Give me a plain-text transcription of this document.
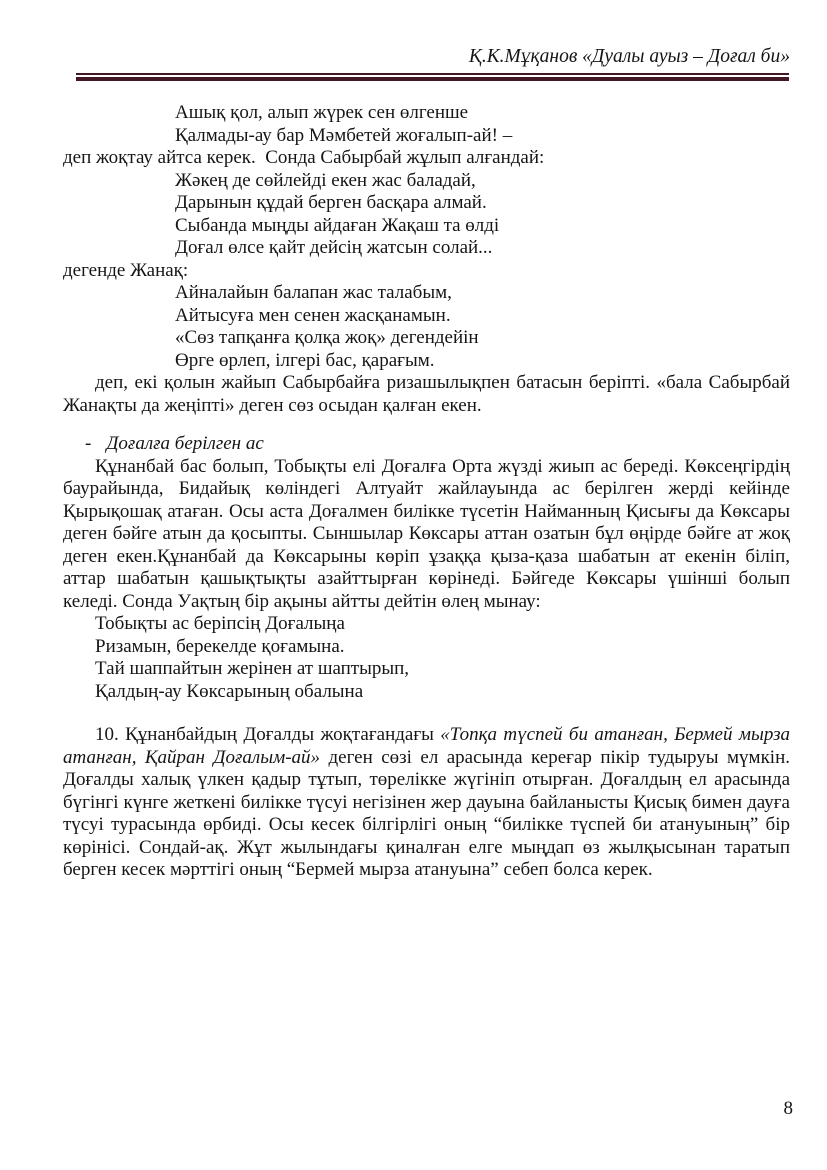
Қ.К.Мұқанов «Дуалы ауыз – Доғал би»
Ашық қол, алып жүрек сен өлгенше
Қалмады-ау бар Мәмбетей жоғалып-ай! –
деп жоқтау айтса керек.  Сонда Сабырбай жұлып алғандай:
Жәкең де сөйлейді екен жас баладай,
Дарынын құдай берген басқара алмай.
Сыбанда мыңды айдаған Жақаш та өлді
Доғал өлсе қайт дейсің жатсын солай...
дегенде Жанақ:
Айналайын балапан жас талабым,
Айтысуға мен сенен жасқанамын.
«Сөз тапқанға қолқа жоқ» дегендейін
Өрге өрлеп, ілгері бас, қарағым.

деп, екі қолын жайып Сабырбайға ризашылықпен батасын беріпті. «бала Сабырбай Жанақты да жеңіпті» деген сөз осыдан қалған екен.

- Доғалға берілген ас

Құнанбай бас болып, Тобықты елі Доғалға Орта жүзді жиып ас береді. Көксеңгірдің баурайында, Бидайық көліндегі Алтуайт жайлауында ас берілген жерді кейінде Қырықошақ атаған. Осы аста Доғалмен билікке түсетін Найманның Қисығы да Көксары деген бәйге атын да қосыпты. Сыншылар Көксары аттан озатын бұл өңірде бәйге ат жоқ деген екен.Құнанбай да Көксарыны көріп ұзаққа қыза-қаза шабатын ат екенін біліп, аттар шабатын қашықтықты азайттырған көрінеді. Бәйгеде Көксары үшінші болып келеді. Сонда Уақтың бір ақыны айтты дейтін өлең мынау:

Тобықты ас беріпсің Доғалыңа
Ризамын, берекелде қоғамына.
Тай шаппайтын жерінен ат шаптырып,
Қалдың-ау Көксарының обалына

10. Құнанбайдың Доғалды жоқтағандағы «Топқа түспей би атанған, Бермей мырза атанған, Қайран Доғалым-ай» деген сөзі ел арасында кереғар пікір тудыруы мүмкін. Доғалды халық үлкен қадыр тұтып, төрелікке жүгініп отырған. Доғалдың ел арасында бүгінгі күнге жеткені билікке түсуі негізінен жер дауына байланысты Қисық бимен дауға түсуі турасында өрбиді. Осы кесек білгірлігі оның “билікке түспей би атануының” бір көрінісі. Сондай-ақ. Жұт жылындағы қиналған елге мыңдап өз жылқысынан таратып берген кесек мәрттігі оның “Бермей мырза атануына” себеп болса керек.

8
